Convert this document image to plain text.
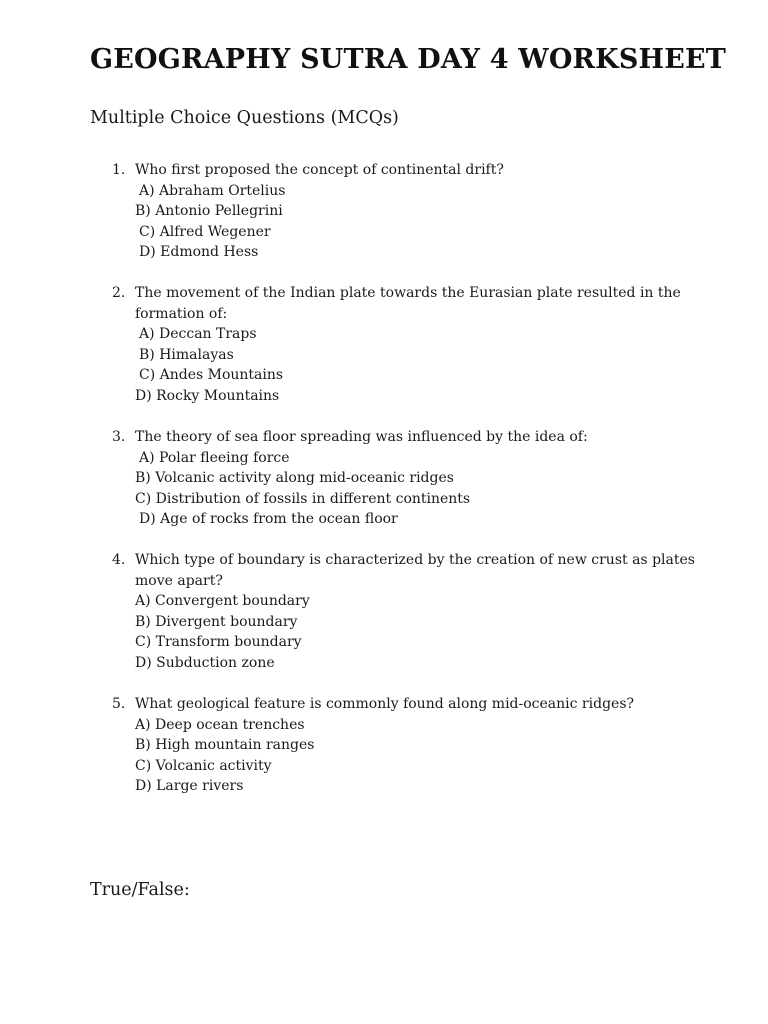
GEOGRAPHY SUTRA DAY 4 WORKSHEET
Multiple Choice Questions (MCQs)
1. Who first proposed the concept of continental drift?
A) Abraham Ortelius
B) Antonio Pellegrini
C) Alfred Wegener
D) Edmond Hess
2. The movement of the Indian plate towards the Eurasian plate resulted in the
formation of:
A) Deccan Traps
B) Himalayas
C) Andes Mountains
D) Rocky Mountains
3. The theory of sea floor spreading was influenced by the idea of:
A) Polar fleeing force
B) Volcanic activity along mid-oceanic ridges
C) Distribution of fossils in different continents
D) Age of rocks from the ocean floor
4. Which type of boundary is characterized by the creation of new crust as plates
move apart?
A) Convergent boundary
B) Divergent boundary
C) Transform boundary
D) Subduction zone
5. What geological feature is commonly found along mid-oceanic ridges?
A) Deep ocean trenches
B) High mountain ranges
C) Volcanic activity
D) Large rivers
True/False:
